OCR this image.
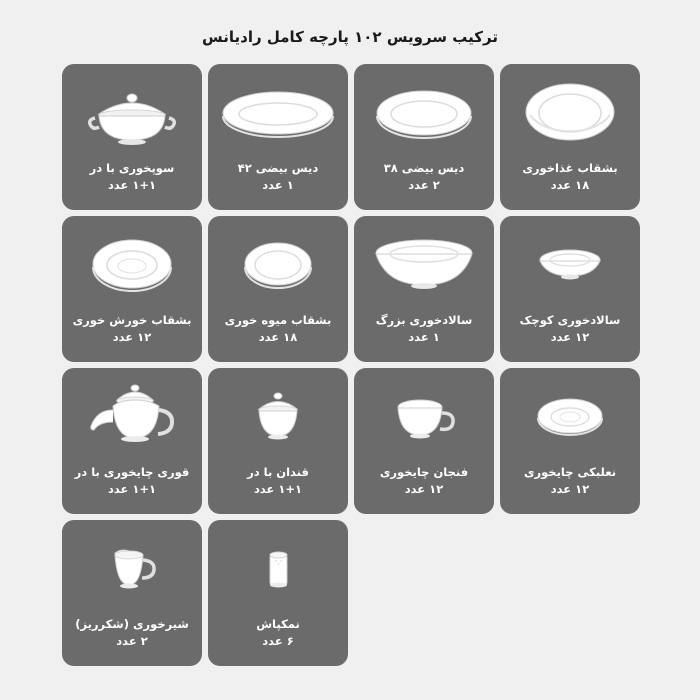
ترکیب سرویس ۱۰۲ پارچه کامل رادیانس
بشقاب غذاخوری
۱۸ عدد
دیس بیضی ۳۸
۲ عدد
دیس بیضی ۴۲
۱ عدد
سوپخوری با در
۱+۱ عدد
سالادخوری کوچک
۱۲ عدد
سالادخوری بزرگ
۱ عدد
بشقاب میوه خوری
۱۸ عدد
بشقاب خورش خوری
۱۲ عدد
نعلبکی چایخوری
۱۲ عدد
فنجان چایخوری
۱۲ عدد
قندان با در
۱+۱ عدد
قوری چایخوری با در
۱+۱ عدد
نمکپاش
۶ عدد
شیرخوری (شکرریز)
۲ عدد
